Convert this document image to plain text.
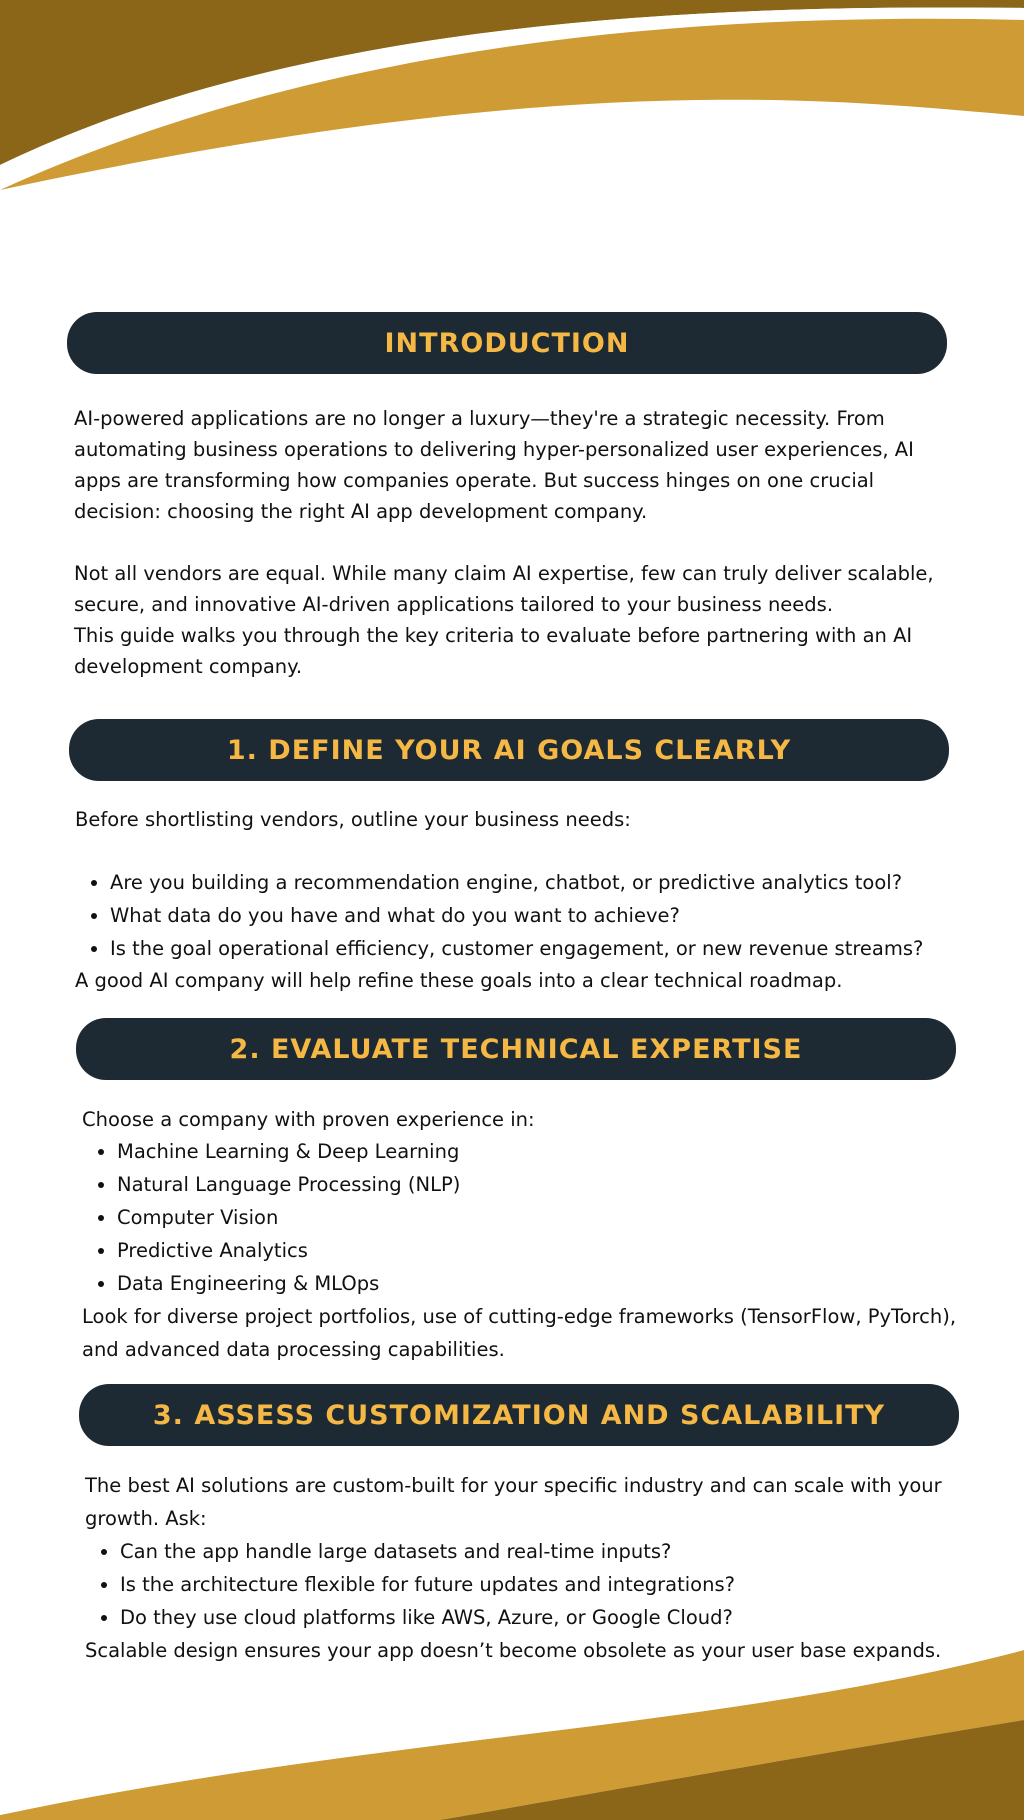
INTRODUCTION

AI-powered applications are no longer a luxury—they're a strategic necessity. From automating business operations to delivering hyper-personalized user experiences, AI apps are transforming how companies operate. But success hinges on one crucial decision: choosing the right AI app development company.

Not all vendors are equal. While many claim AI expertise, few can truly deliver scalable, secure, and innovative AI-driven applications tailored to your business needs.

This guide walks you through the key criteria to evaluate before partnering with an AI development company.

1. DEFINE YOUR AI GOALS CLEARLY

Before shortlisting vendors, outline your business needs:

• Are you building a recommendation engine, chatbot, or predictive analytics tool?
• What data do you have and what do you want to achieve?
• Is the goal operational efficiency, customer engagement, or new revenue streams?

A good AI company will help refine these goals into a clear technical roadmap.

2. EVALUATE TECHNICAL EXPERTISE

Choose a company with proven experience in:

• Machine Learning & Deep Learning
• Natural Language Processing (NLP)
• Computer Vision
• Predictive Analytics
• Data Engineering & MLOps

Look for diverse project portfolios, use of cutting-edge frameworks (TensorFlow, PyTorch), and advanced data processing capabilities.

3. ASSESS CUSTOMIZATION AND SCALABILITY

The best AI solutions are custom-built for your specific industry and can scale with your growth. Ask:

• Can the app handle large datasets and real-time inputs?
• Is the architecture flexible for future updates and integrations?
• Do they use cloud platforms like AWS, Azure, or Google Cloud?

Scalable design ensures your app doesn’t become obsolete as your user base expands.
